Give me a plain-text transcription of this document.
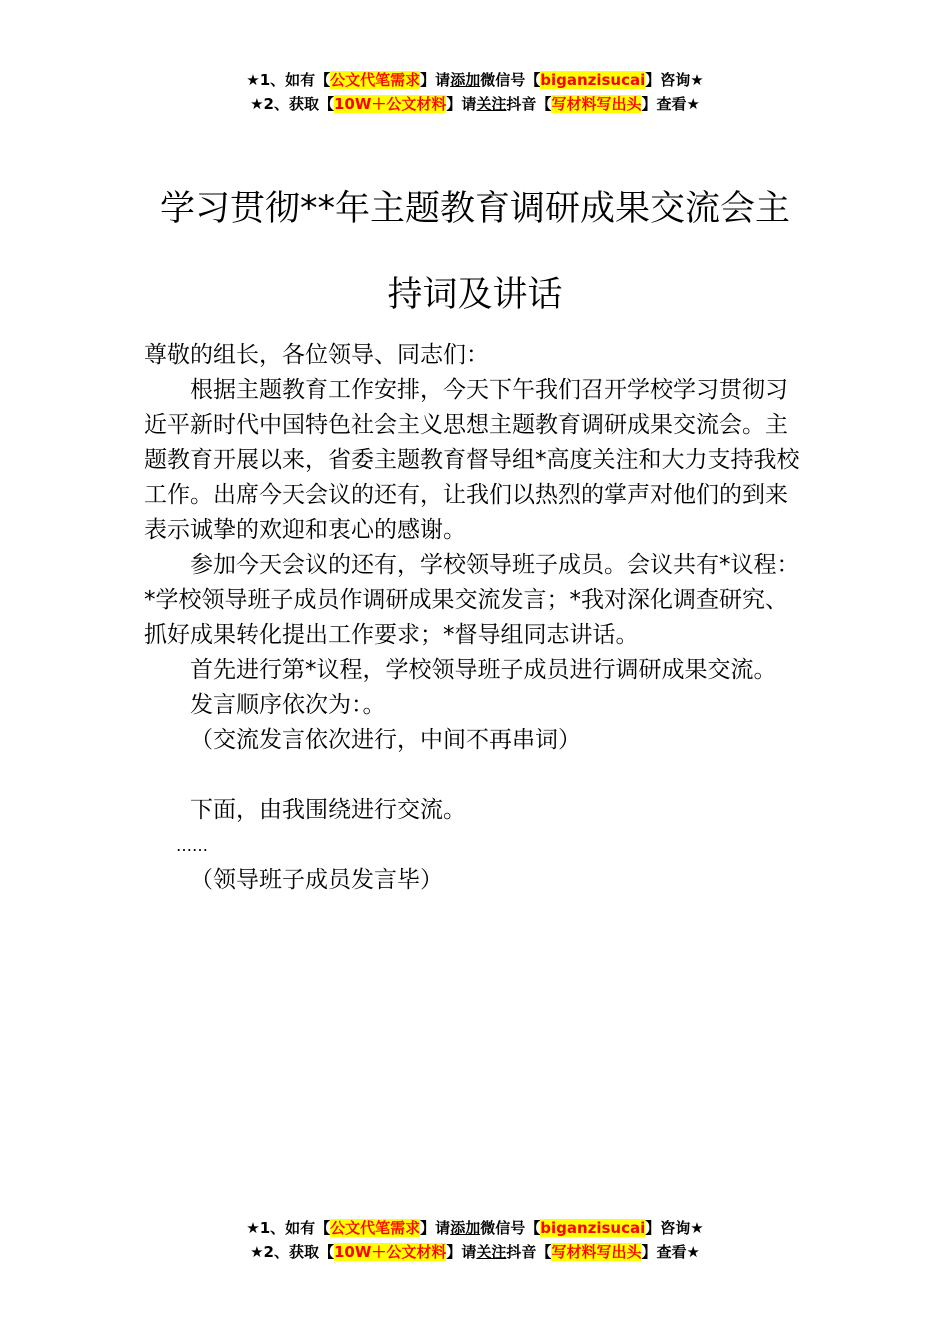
★1、如有【公文代笔需求】请添加微信号【biganzisucai】咨询★
★2、获取【10W＋公文材料】请关注抖音【写材料写出头】查看★
学习贯彻**年主题教育调研成果交流会主
持词及讲话

尊敬的组长，各位领导、同志们：

根据主题教育工作安排，今天下午我们召开学校学习贯彻习近平新时代中国特色社会主义思想主题教育调研成果交流会。主题教育开展以来，省委主题教育督导组*高度关注和大力支持我校工作。出席今天会议的还有，让我们以热烈的掌声对他们的到来表示诚挚的欢迎和衷心的感谢。

参加今天会议的还有，学校领导班子成员。会议共有*议程：*学校领导班子成员作调研成果交流发言；*我对深化调查研究、抓好成果转化提出工作要求；*督导组同志讲话。

首先进行第*议程，学校领导班子成员进行调研成果交流。

发言顺序依次为：。

（交流发言依次进行，中间不再串词）

下面，由我围绕进行交流。

……

（领导班子成员发言毕）

★1、如有【公文代笔需求】请添加微信号【biganzisucai】咨询★
★2、获取【10W＋公文材料】请关注抖音【写材料写出头】查看★
